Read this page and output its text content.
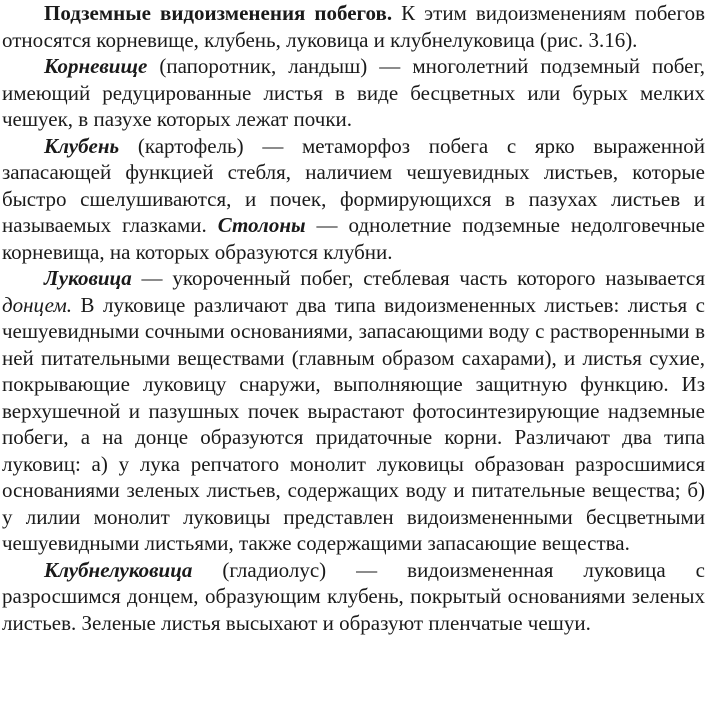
Подземные видоизменения побегов. К этим видоизменениям побегов относятся корневище, клубень, луковица и клубнелуковица (рис. 3.16).

Корневище (папоротник, ландыш) — многолетний подземный побег, имеющий редуцированные листья в виде бесцветных или бурых мелких чешуек, в пазухе которых лежат почки.

Клубень (картофель) — метаморфоз побега с ярко выраженной запасающей функцией стебля, наличием чешуевидных листьев, которые быстро сшелушиваются, и почек, формирующихся в пазухах листьев и называемых глазками. Столоны — однолетние подземные недолговечные корневища, на которых образуются клубни.

Луковица — укороченный побег, стеблевая часть которого называется донцем. В луковице различают два типа видоизмененных листьев: листья с чешуевидными сочными основаниями, запасающими воду с растворенными в ней питательными веществами (главным образом сахарами), и листья сухие, покрывающие луковицу снаружи, выполняющие защитную функцию. Из верхушечной и пазушных почек вырастают фотосинтезирующие надземные побеги, а на донце образуются придаточные корни. Различают два типа луковиц: а) у лука репчатого монолит луковицы образован разросшимися основаниями зеленых листьев, содержащих воду и питательные вещества; б) у лилии монолит луковицы представлен видоизмененными бесцветными чешуевидными листьями, также содержащими запасающие вещества.

Клубнелуковица (гладиолус) — видоизмененная луковица с разросшимся донцем, образующим клубень, покрытый основаниями зеленых листьев. Зеленые листья высыхают и образуют пленчатые чешуи.
